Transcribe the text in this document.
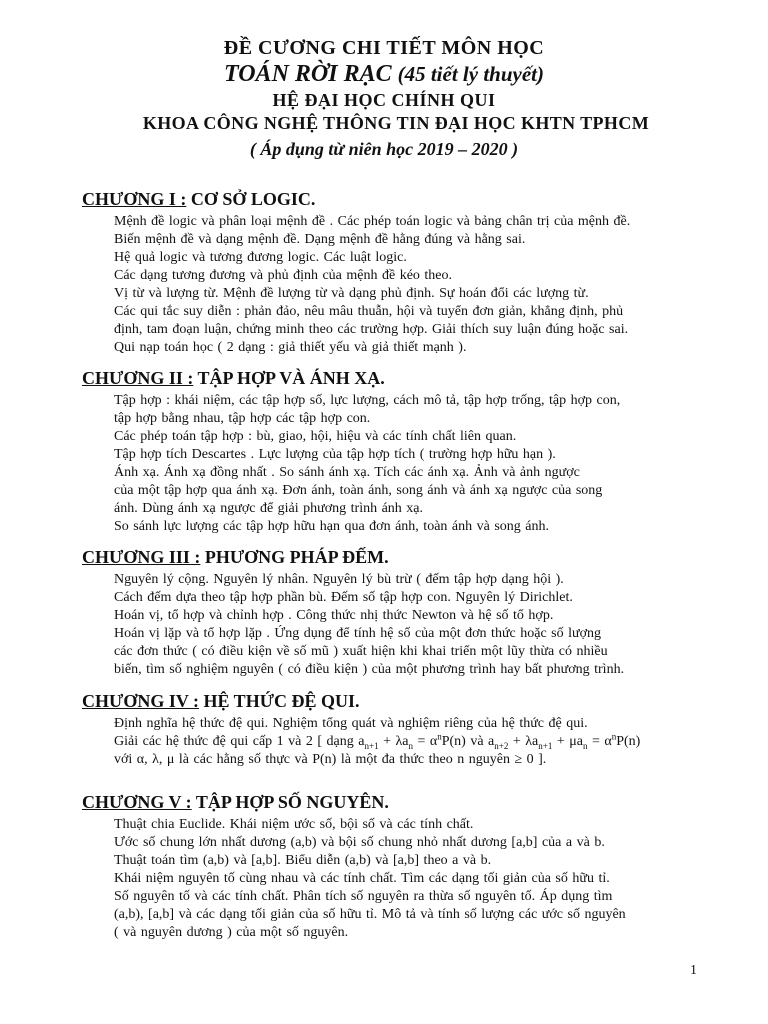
ĐỀ CƯƠNG CHI TIẾT MÔN HỌC
TOÁN RỜI RẠC (45 tiết lý thuyết)
HỆ ĐẠI HỌC CHÍNH QUI
KHOA CÔNG NGHỆ THÔNG TIN ĐẠI HỌC KHTN TPHCM
( Áp dụng từ niên học 2019 – 2020 )
CHƯƠNG I : CƠ SỞ LOGIC.

Mệnh đề logic và phân loại mệnh đề . Các phép toán logic và bảng chân trị của mệnh đề.

Biến mệnh đề và dạng mệnh đề. Dạng mệnh đề hằng đúng và hằng sai.

Hệ quả logic và tương đương logic. Các luật logic.

Các dạng tương đương và phủ định của mệnh đề kéo theo.

Vị từ và lượng từ. Mệnh đề lượng từ và dạng phủ định. Sự hoán đổi các lượng từ.

Các qui tắc suy diễn : phản đảo, nêu mâu thuẫn, hội và tuyển đơn giản, khẳng định, phủ

định, tam đoạn luận, chứng minh theo các trường hợp. Giải thích suy luận đúng hoặc sai.

Qui nạp toán học ( 2 dạng : giả thiết yếu và giả thiết mạnh ).

CHƯƠNG II : TẬP HỢP VÀ ÁNH XẠ.

Tập hợp : khái niệm, các tập hợp số, lực lượng, cách mô tả, tập hợp trống, tập hợp con,

tập hợp bằng nhau, tập hợp các tập hợp con.

Các phép toán tập hợp : bù, giao, hội, hiệu và các tính chất liên quan.

Tập hợp tích Descartes . Lực lượng của tập hợp tích ( trường hợp hữu hạn ).

Ánh xạ. Ánh xạ đồng nhất . So sánh ánh xạ. Tích các ánh xạ. Ảnh và ảnh ngược

của một tập hợp qua ánh xạ. Đơn ánh, toàn ánh, song ánh và ánh xạ ngược của song

ánh. Dùng ánh xạ ngược để giải phương trình ánh xạ.

So sánh lực lượng các tập hợp hữu hạn qua đơn ánh, toàn ánh và song ánh.

CHƯƠNG III : PHƯƠNG PHÁP ĐẾM.

Nguyên lý cộng. Nguyên lý nhân. Nguyên lý bù trừ ( đếm tập hợp dạng hội ).

Cách đếm dựa theo tập hợp phần bù. Đếm số tập hợp con. Nguyên lý Dirichlet.

Hoán vị, tổ hợp và chỉnh hợp . Công thức nhị thức Newton và hệ số tổ hợp.

Hoán vị lặp và tổ hợp lặp . Ứng dụng để tính hệ số của một đơn thức hoặc số lượng

các đơn thức ( có điều kiện về số mũ ) xuất hiện khi khai triển một lũy thừa có nhiều

biến, tìm số nghiệm nguyên ( có điều kiện ) của một phương trình hay bất phương trình.

CHƯƠNG IV : HỆ THỨC ĐỆ QUI.

Định nghĩa hệ thức đệ qui. Nghiệm tổng quát và nghiệm riêng của hệ thức đệ qui.

Giải các hệ thức đệ qui cấp 1 và 2 [ dạng $a_{n+1} + \lambda a_n = \alpha^nP(n)$ và $a_{n+2} + \lambda a_{n+1} + \mu a_n = \alpha^nP(n)$

với α, λ, μ là các hằng số thực và P(n) là một đa thức theo n nguyên ≥ 0 ].

CHƯƠNG V : TẬP HỢP SỐ NGUYÊN.

Thuật chia Euclide. Khái niệm ước số, bội số và các tính chất.

Ước số chung lớn nhất dương (a,b) và bội số chung nhỏ nhất dương [a,b] của a và b.

Thuật toán tìm (a,b) và [a,b]. Biểu diễn (a,b) và [a,b] theo a và b.

Khái niệm nguyên tố cùng nhau và các tính chất. Tìm các dạng tối giản của số hữu tỉ.

Số nguyên tố và các tính chất. Phân tích số nguyên ra thừa số nguyên tố. Áp dụng tìm

(a,b), [a,b] và các dạng tối giản của số hữu tỉ. Mô tả và tính số lượng các ước số nguyên

( và nguyên dương ) của một số nguyên.

1
